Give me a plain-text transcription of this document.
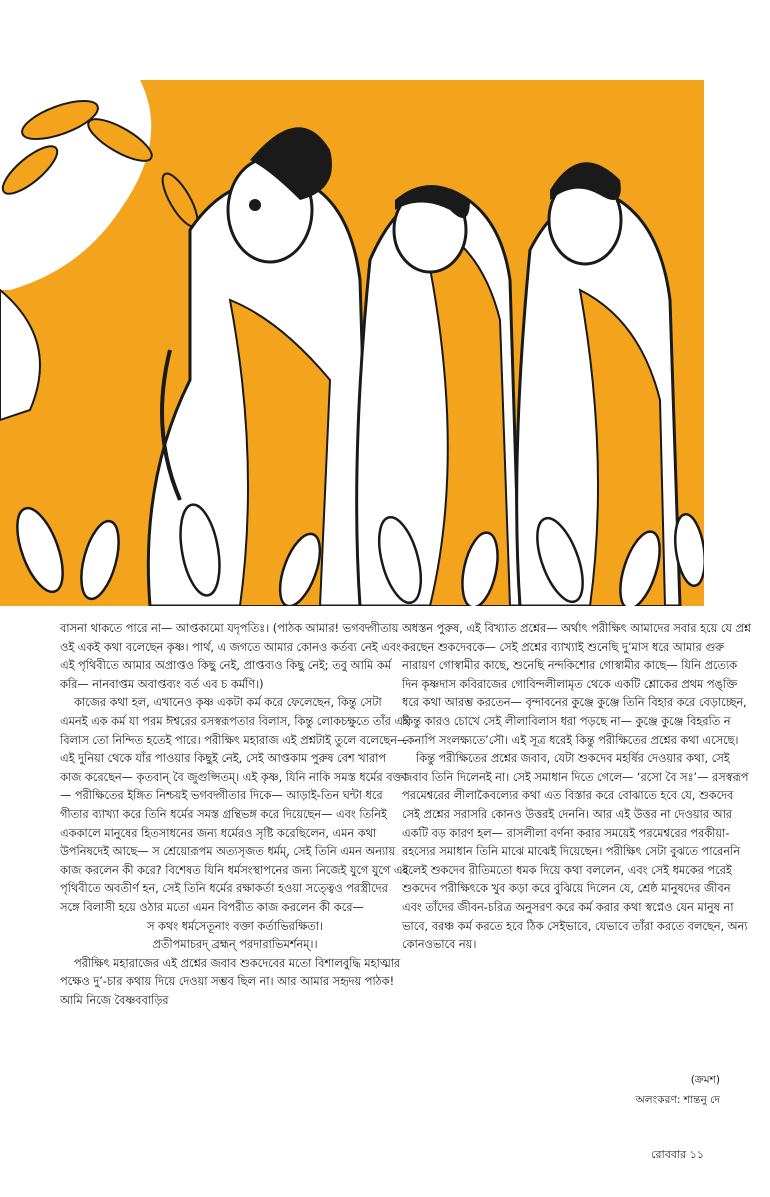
বাসনা থাকতে পারে না— আপ্তকামো যদৃপতিঃ। (পাঠক আমার! ভগবদ্গীতায় ওই একই কথা বলেছেন কৃষ্ণ। পার্থ, এ জগতে আমার কোনও কর্তব্য নেই এবং এই পৃথিবীতে আমার অপ্রাপ্তও কিছু নেই, প্রাপ্তব্যও কিছু নেই; তবু আমি কর্ম করি— নানবাপ্তম অবাপ্তব্যং বর্ত এব চ কর্মণি।)

কাজের কথা হল, এখানেও কৃষ্ণ একটা কর্ম করে ফেলেছেন, কিন্তু সেটা এমনই এক কর্ম যা পরম ঈশ্বরের রসস্বরূপতার বিলাস, কিন্তু লোকচক্ষুতে তাঁর এই বিলাস তো নিন্দিত হতেই পারে। পরীক্ষিৎ মহারাজ এই প্রশ্নটাই তুলে বলেছেন— এই দুনিয়া থেকে যাঁর পাওয়ার কিছুই নেই, সেই আপ্তকাম পুরুষ বেশ খারাপ কাজ করেছেন— কৃতবান্ বৈ জুগুপ্সিতম্। এই কৃষ্ণ, যিনি নাকি সমস্ত ধর্মের বক্তা— পরীক্ষিতের ইঙ্গিত নিশ্চয়ই ভগবদ্গীতার দিকে— আড়াই-তিন ঘন্টা ধরে গীতার ব্যাখ্যা করে তিনি ধর্মের সমস্ত গ্রন্থিভঙ্গ করে দিয়েছেন— এবং তিনিই এককালে মানুষের হিতসাধনের জন্য ধর্মেরও সৃষ্টি করেছিলেন, এমন কথা উপনিষদেই আছে— স শ্রেয়োরূপম অত্যসৃজত ধর্মম্, সেই তিনি এমন অন্যায় কাজ করলেন কী করে? বিশেষত যিনি ধর্মসংস্থাপনের জন্য নিজেই যুগে যুগে এই পৃথিবীতে অবতীর্ণ হন, সেই তিনি ধর্মের রক্ষাকর্তা হওয়া সত্ত্বেও পরস্ত্রীদের সঙ্গে বিলাসী হয়ে ওঠার মতো এমন বিপরীত কাজ করলেন কী করে—

স কথং ধর্মসেতূনাং বক্তা কর্তাভিরক্ষিতা।

প্রতীপমাচরদ্ ব্রহ্মন্ পরদারাভিমর্শনম্।।

পরীক্ষিৎ মহারাজের এই প্রশ্নের জবাব শুকদেবের মতো বিশালবুদ্ধি মহাত্মার পক্ষেও দু’-চার কথায় দিয়ে দেওয়া সম্ভব ছিল না। আর আমার সহৃদয় পাঠক! আমি নিজে বৈষ্ণববাড়ির

অধস্তন পুরুষ, এই বিখ্যাত প্রশ্নের— অর্থাৎ পরীক্ষিৎ আমাদের সবার হয়ে যে প্রশ্ন করছেন শুকদেবকে— সেই প্রশ্নের ব্যাখ্যাই শুনেছি দু’মাস ধরে আমার গুরু নারায়ণ গোস্বামীর কাছে, শুনেছি নন্দকিশোর গোস্বামীর কাছে— যিনি প্রত্যেক দিন কৃষ্ণদাস কবিরাজের গোবিন্দলীলামৃত থেকে একটি শ্লোকের প্রথম পঙ্‌ক্তি ধরে কথা আরম্ভ করতেন— বৃন্দাবনের কুঞ্জে কুঞ্জে তিনি বিহার করে বেড়াচ্ছেন, কিন্তু কারও চোখে সেই লীলাবিলাস ধরা পড়ছে না— কুঞ্জে কুঞ্জে বিহরতি ন কেনাপি সংলক্ষ্যতে’সৌ। এই সূত্র ধরেই কিন্তু পরীক্ষিতের প্রশ্নের কথা এসেছে।

কিন্তু পরীক্ষিতের প্রশ্নের জবাব, যেটা শুকদেব মহর্ষির দেওয়ার কথা, সেই জবাব তিনি দিলেনই না। সেই সমাধান দিতে গেলে— ‘রসো বৈ সঃ’— রসস্বরূপ পরমেশ্বরের লীলাকৈবল্যের কথা এত বিস্তার করে বোঝাতে হবে যে, শুকদেব সেই প্রশ্নের সরাসরি কোনও উত্তরই দেননি। আর এই উত্তর না দেওয়ার আর একটি বড় কারণ হল— রাসলীলা বর্ণনা করার সময়েই পরমেশ্বরের পরকীয়া-রহস্যের সমাধান তিনি মাঝে মাঝেই দিয়েছেন। পরীক্ষিৎ সেটা বুঝতে পারেননি বলেই শুকদেব রীতিমতো ধমক দিয়ে কথা বললেন, এবং সেই ধমকের পরেই শুকদেব পরীক্ষিৎকে খুব কড়া করে বুঝিয়ে দিলেন যে, শ্রেষ্ঠ মানুষদের জীবন এবং তাঁদের জীবন-চরিত্র অনুসরণ করে কর্ম করার কথা স্বপ্নেও যেন মানুষ না ভাবে, বরঞ্চ কর্ম করতে হবে ঠিক সেইভাবে, যেভাবে তাঁরা করতে বলছেন, অন্য কোনওভাবে নয়।

(ক্রমশ)
অলংকরণ: শান্তনু দে
রোববার ১১
